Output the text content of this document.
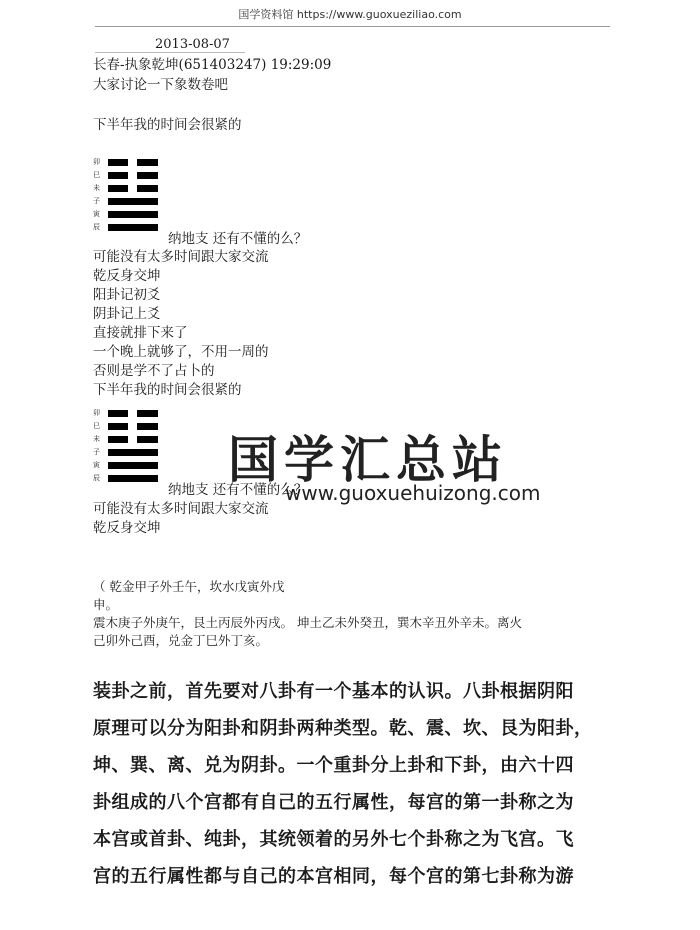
国学资料馆 https://www.guoxueziliao.com
2013-08-07
长春-执象乾坤(651403247) 19:29:09
大家讨论一下象数卷吧
下半年我的时间会很紧的
卯
巳
未
子
寅
辰
纳地支 还有不懂的么？
可能没有太多时间跟大家交流
乾反身交坤
阳卦记初爻
阴卦记上爻
直接就排下来了
一个晚上就够了，不用一周的
否则是学不了占卜的
下半年我的时间会很紧的
卯
巳
未
子
寅
辰
纳地支 还有不懂的么？
可能没有太多时间跟大家交流
乾反身交坤
（ 乾金甲子外壬午，坎水戊寅外戊
申。
震木庚子外庚午，艮土丙辰外丙戌。 坤土乙未外癸丑，巽木辛丑外辛未。离火
己卯外己酉，兑金丁巳外丁亥。
装卦之前，首先要对八卦有一个基本的认识。八卦根据阴阳
原理可以分为阳卦和阴卦两种类型。乾、震、坎、艮为阳卦，
坤、巽、离、兑为阴卦。一个重卦分上卦和下卦，由六十四
卦组成的八个宫都有自己的五行属性，每宫的第一卦称之为
本宫或首卦、纯卦，其统领着的另外七个卦称之为飞宫。飞
宫的五行属性都与自己的本宫相同，每个宫的第七卦称为游
国学汇总站
www.guoxuehuizong.com
